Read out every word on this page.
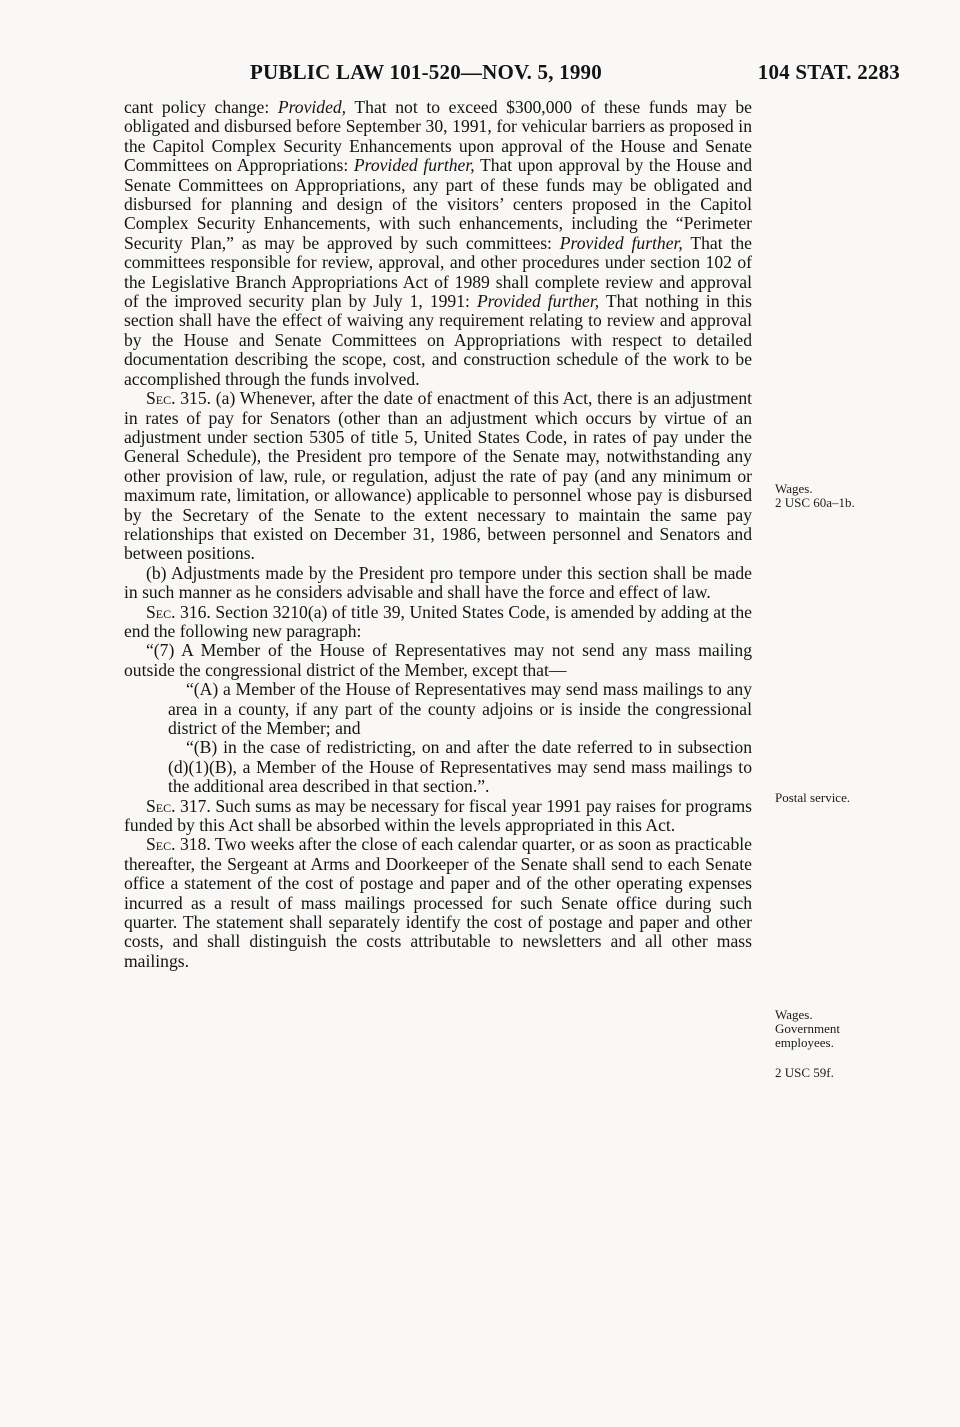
PUBLIC LAW 101-520—NOV. 5, 1990	104 STAT. 2283

cant policy change: Provided, That not to exceed $300,000 of these funds may be obligated and disbursed before September 30, 1991, for vehicular barriers as proposed in the Capitol Complex Security Enhancements upon approval of the House and Senate Committees on Appropriations: Provided further, That upon approval by the House and Senate Committees on Appropriations, any part of these funds may be obligated and disbursed for planning and design of the visitors’ centers proposed in the Capitol Complex Security Enhancements, with such enhancements, including the “Perimeter Security Plan,” as may be approved by such committees: Provided further, That the committees responsible for review, approval, and other procedures under section 102 of the Legislative Branch Appropriations Act of 1989 shall complete review and approval of the improved security plan by July 1, 1991: Provided further, That nothing in this section shall have the effect of waiving any requirement relating to review and approval by the House and Senate Committees on Appropriations with respect to detailed documentation describing the scope, cost, and construction schedule of the work to be accomplished through the funds involved.

Sec. 315. (a) Whenever, after the date of enactment of this Act, there is an adjustment in rates of pay for Senators (other than an adjustment which occurs by virtue of an adjustment under section 5305 of title 5, United States Code, in rates of pay under the General Schedule), the President pro tempore of the Senate may, notwithstanding any other provision of law, rule, or regulation, adjust the rate of pay (and any minimum or maximum rate, limitation, or allowance) applicable to personnel whose pay is disbursed by the Secretary of the Senate to the extent necessary to maintain the same pay relationships that existed on December 31, 1986, between personnel and Senators and between positions.

(b) Adjustments made by the President pro tempore under this section shall be made in such manner as he considers advisable and shall have the force and effect of law.

Sec. 316. Section 3210(a) of title 39, United States Code, is amended by adding at the end the following new paragraph:

“(7) A Member of the House of Representatives may not send any mass mailing outside the congressional district of the Member, except that—

“(A) a Member of the House of Representatives may send mass mailings to any area in a county, if any part of the county adjoins or is inside the congressional district of the Member; and

“(B) in the case of redistricting, on and after the date referred to in subsection (d)(1)(B), a Member of the House of Representatives may send mass mailings to the additional area described in that section.”.

Sec. 317. Such sums as may be necessary for fiscal year 1991 pay raises for programs funded by this Act shall be absorbed within the levels appropriated in this Act.

Sec. 318. Two weeks after the close of each calendar quarter, or as soon as practicable thereafter, the Sergeant at Arms and Doorkeeper of the Senate shall send to each Senate office a statement of the cost of postage and paper and of the other operating expenses incurred as a result of mass mailings processed for such Senate office during such quarter. The statement shall separately identify the cost of postage and paper and other costs, and shall distinguish the costs attributable to newsletters and all other mass mailings.

Wages.
2 USC 60a–1b.
Postal service.
Wages.
Government
employees.
2 USC 59f.
